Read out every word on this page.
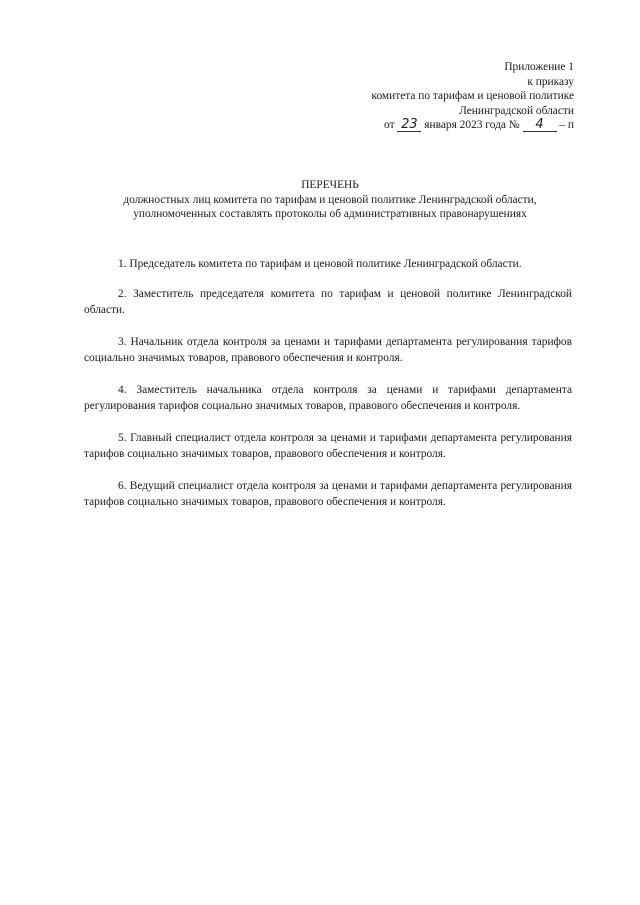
Приложение 1
к приказу
комитета по тарифам и ценовой политике
Ленинградской области
от 23 января 2023 года № 4 – п
ПЕРЕЧЕНЬ
должностных лиц комитета по тарифам и ценовой политике Ленинградской области,
уполномоченных составлять протоколы об административных правонарушениях
1. Председатель комитета по тарифам и ценовой политике Ленинградской области.
2. Заместитель председателя комитета по тарифам и ценовой политике Ленинградской области.
3. Начальник отдела контроля за ценами и тарифами департамента регулирования тарифов социально значимых товаров, правового обеспечения и контроля.
4. Заместитель начальника отдела контроля за ценами и тарифами департамента регулирования тарифов социально значимых товаров, правового обеспечения и контроля.
5. Главный специалист отдела контроля за ценами и тарифами департамента регулирования тарифов социально значимых товаров, правового обеспечения и контроля.
6. Ведущий специалист отдела контроля за ценами и тарифами департамента регулирования тарифов социально значимых товаров, правового обеспечения и контроля.
